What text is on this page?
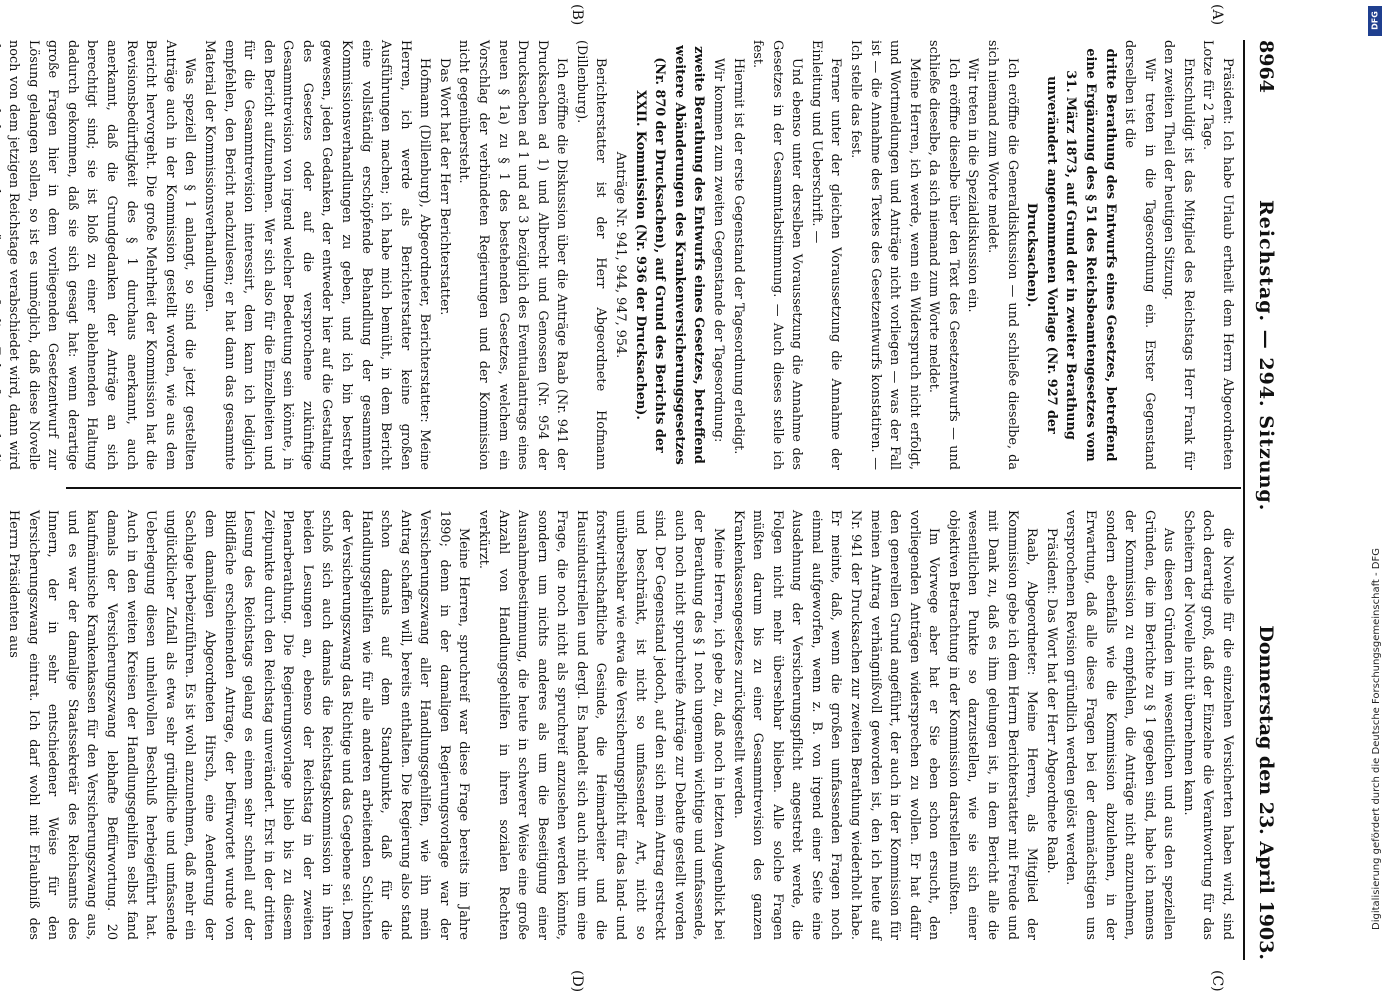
DFG
Digitalisierung gefördert durch die Deutsche Forschungsgemeinschaft - DFG
8964
Reichstag. — 294. Sitzung.
Donnerstag den 23. April 1903.
(A)
(B)
(C)
(D)

Präsident: Ich habe Urlaub ertheilt dem Herrn Abgeordneten Lotze für 2 Tage.

Entschuldigt ist das Mitglied des Reichstags Herr Frank für den zweiten Theil der heutigen Sitzung.

Wir treten in die Tagesordnung ein. Erster Gegenstand derselben ist die

dritte Berathung des Entwurfs eines Gesetzes, betreffend eine Ergänzung des § 51 des Reichsbeamtengesetzes vom 31. März 1873, auf Grund der in zweiter Berathung unverändert angenommenen Vorlage (Nr. 927 der Drucksachen).

Ich eröffne die Generaldiskussion — und schließe dieselbe, da sich niemand zum Worte meldet.

Wir treten in die Spezialdiskussion ein.

Ich eröffne dieselbe über den Text des Gesetzentwurfs — und schließe dieselbe, da sich niemand zum Worte meldet.

Meine Herren, ich werde, wenn ein Widerspruch nicht erfolgt, und Wortmeldungen und Anträge nicht vorliegen — was der Fall ist — die Annahme des Textes des Gesetzentwurfs konstatiren. — Ich stelle das fest.

Ferner unter der gleichen Voraussetzung die Annahme der Einleitung und Ueberschrift. —

Und ebenso unter derselben Voraussetzung die Annahme des Gesetzes in der Gesammtabstimmung. — Auch dieses stelle ich fest.

Hiermit ist der erste Gegenstand der Tagesordnung erledigt.

Wir kommen zum zweiten Gegenstande der Tagesordnung:

zweite Berathung des Entwurfs eines Gesetzes, betreffend weitere Abänderungen des Krankenversicherungsgesetzes (Nr. 870 der Drucksachen), auf Grund des Berichts der XXII. Kommission (Nr. 936 der Drucksachen).

Anträge Nr. 941, 944, 947, 954.

Berichterstatter ist der Herr Abgeordnete Hofmann (Dillenburg).

Ich eröffne die Diskussion über die Anträge Raab (Nr. 941 der Drucksachen ad 1) und Albrecht und Genossen (Nr. 954 der Drucksachen ad 1 und ad 3 bezüglich des Eventualantrags eines neuen § 1a) zu § 1 des bestehenden Gesetzes, welchem ein Vorschlag der verbündeten Regierungen und der Kommission nicht gegenübersteht.

Das Wort hat der Herr Berichterstatter.

Hofmann (Dillenburg), Abgeordneter, Berichterstatter: Meine Herren, ich werde als Berichterstatter keine großen Ausführungen machen; ich habe mich bemüht, in dem Bericht eine vollständig erschöpfende Behandlung der gesammten Kommissionsverhandlungen zu geben, und ich bin bestrebt gewesen, jeden Gedanken, der entweder hier auf die Gestaltung des Gesetzes oder auf die versprochene zukünftige Gesammtrevision von irgend welcher Bedeutung sein könnte, in den Bericht aufzunehmen. Wer sich also für die Einzelheiten und für die Gesammtrevision interessirt, dem kann ich lediglich empfehlen, den Bericht nachzulesen; er hat dann das gesammte Material der Kommissionsverhandlungen.

Was speziell den § 1 anlangt, so sind die jetzt gestellten Anträge auch in der Kommission gestellt worden, wie aus dem Bericht hervorgeht. Die große Mehrheit der Kommission hat die Revisionsbedürftigkeit des § 1 durchaus anerkannt, auch anerkannt, daß die Grundgedanken der Anträge an sich berechtigt sind; sie ist bloß zu einer ablehnenden Haltung dadurch gekommen, daß sie sich gesagt hat: wenn derartige große Fragen hier in dem vorliegenden Gesetzentwurf zur Lösung gelangen sollen, so ist es unmöglich, daß diese Novelle noch von dem jetzigen Reichstage verabschiedet wird, dann wird

die Novelle für die einzelnen Versicherten haben wird, sind doch derartig groß, daß der Einzelne die Verantwortung für das Scheitern der Novelle nicht übernehmen kann.

Aus diesen Gründen im wesentlichen und aus den speziellen Gründen, die im Berichte zu § 1 gegeben sind, habe ich namens der Kommission zu empfehlen, die Anträge nicht anzunehmen, sondern ebenfalls wie die Kommission abzulehnen, in der Erwartung, daß alle diese Fragen bei der demnächstigen uns versprochenen Revision gründlich werden gelöst werden.

Präsident: Das Wort hat der Herr Abgeordnete Raab.

Raab, Abgeordneter: Meine Herren, als Mitglied der Kommission gebe ich dem Herrn Berichterstatter mit Freude und mit Dank zu, daß es ihm gelungen ist, in dem Bericht alle die wesentlichen Punkte so darzustellen, wie sie sich einer objektiven Betrachtung in der Kommission darstellen mußten.

Im Vorwege aber hat er Sie eben schon ersucht, den vorliegenden Anträgen widersprechen zu wollen. Er hat dafür den generellen Grund angeführt, der auch in der Kommission für meinen Antrag verhängnißvoll geworden ist, den ich heute auf Nr. 941 der Drucksachen zur zweiten Berathung wiederholt habe. Er meinte, daß, wenn die großen umfassenden Fragen noch einmal aufgeworfen, wenn z. B. von irgend einer Seite eine Ausdehnung der Versicherungspflicht angestrebt werde, die Folgen nicht mehr übersehbar blieben. Alle solche Fragen müßten darum bis zu einer Gesammtrevision des ganzen Krankenkassengesetzes zurückgestellt werden.

Meine Herren, ich gebe zu, daß noch in letzten Augenblick bei der Berathung des § 1 noch ungemein wichtige und umfassende, auch noch nicht spruchreife Anträge zur Debatte gestellt worden sind. Der Gegenstand jedoch, auf den sich mein Antrag erstreckt und beschränkt, ist nicht so umfassender Art, nicht so unübersehbar wie etwa die Versicherungspflicht für das land- und forstwirthschaftliche Gesinde, die Heimarbeiter und die Hausindustriellen und dergl. Es handelt sich auch nicht um eine Frage, die noch nicht als spruchreif anzusehen werden könnte, sondern um nichts anderes als um die Beseitigung einer Ausnahmebestimmung, die heute in schwerer Weise eine große Anzahl von Handlungsgehilfen in ihren sozialen Rechten verkürzt.

Meine Herren, spruchreif war diese Frage bereits im Jahre 1890; denn in der damaligen Regierungsvorlage war der Versicherungszwang aller Handlungsgehilfen, wie ihn mein Antrag schaffen will, bereits enthalten. Die Regierung also stand schon damals auf dem Standpunkte, daß für die Handlungsgehilfen wie für alle anderen arbeitenden Schichten der Versicherungszwang das Richtige und das Gegebene sei. Dem schloß sich auch damals die Reichstagskommission in ihren beiden Lesungen an, ebenso der Reichstag in der zweiten Plenarberathung. Die Regierungsvorlage blieb bis zu diesem Zeitpunkte durch den Reichstag unverändert. Erst in der dritten Lesung des Reichstags gelang es einem sehr schnell auf der Bildfläche erscheinenden Antrage, der befürwortet wurde von dem damaligen Abgeordneten Hirsch, eine Aenderung der Sachlage herbeizuführen. Es ist wohl anzunehmen, daß mehr ein unglücklicher Zufall als etwa sehr gründliche und umfassende Ueberlegung diesen unheilvollen Beschluß herbeigeführt hat. Auch in den weiten Kreisen der Handlungsgehilfen selbst fand damals der Versicherungszwang lebhafte Befürwortung. 20 kaufmännische Krankenkassen für den Versicherungszwang aus, und es war der damalige Staatssekretär des Reichsamts des Innern, der in sehr entschiedener Weise für den Versicherungszwang eintrat. Ich darf wohl mit Erlaubniß des Herrn Präsidenten aus
